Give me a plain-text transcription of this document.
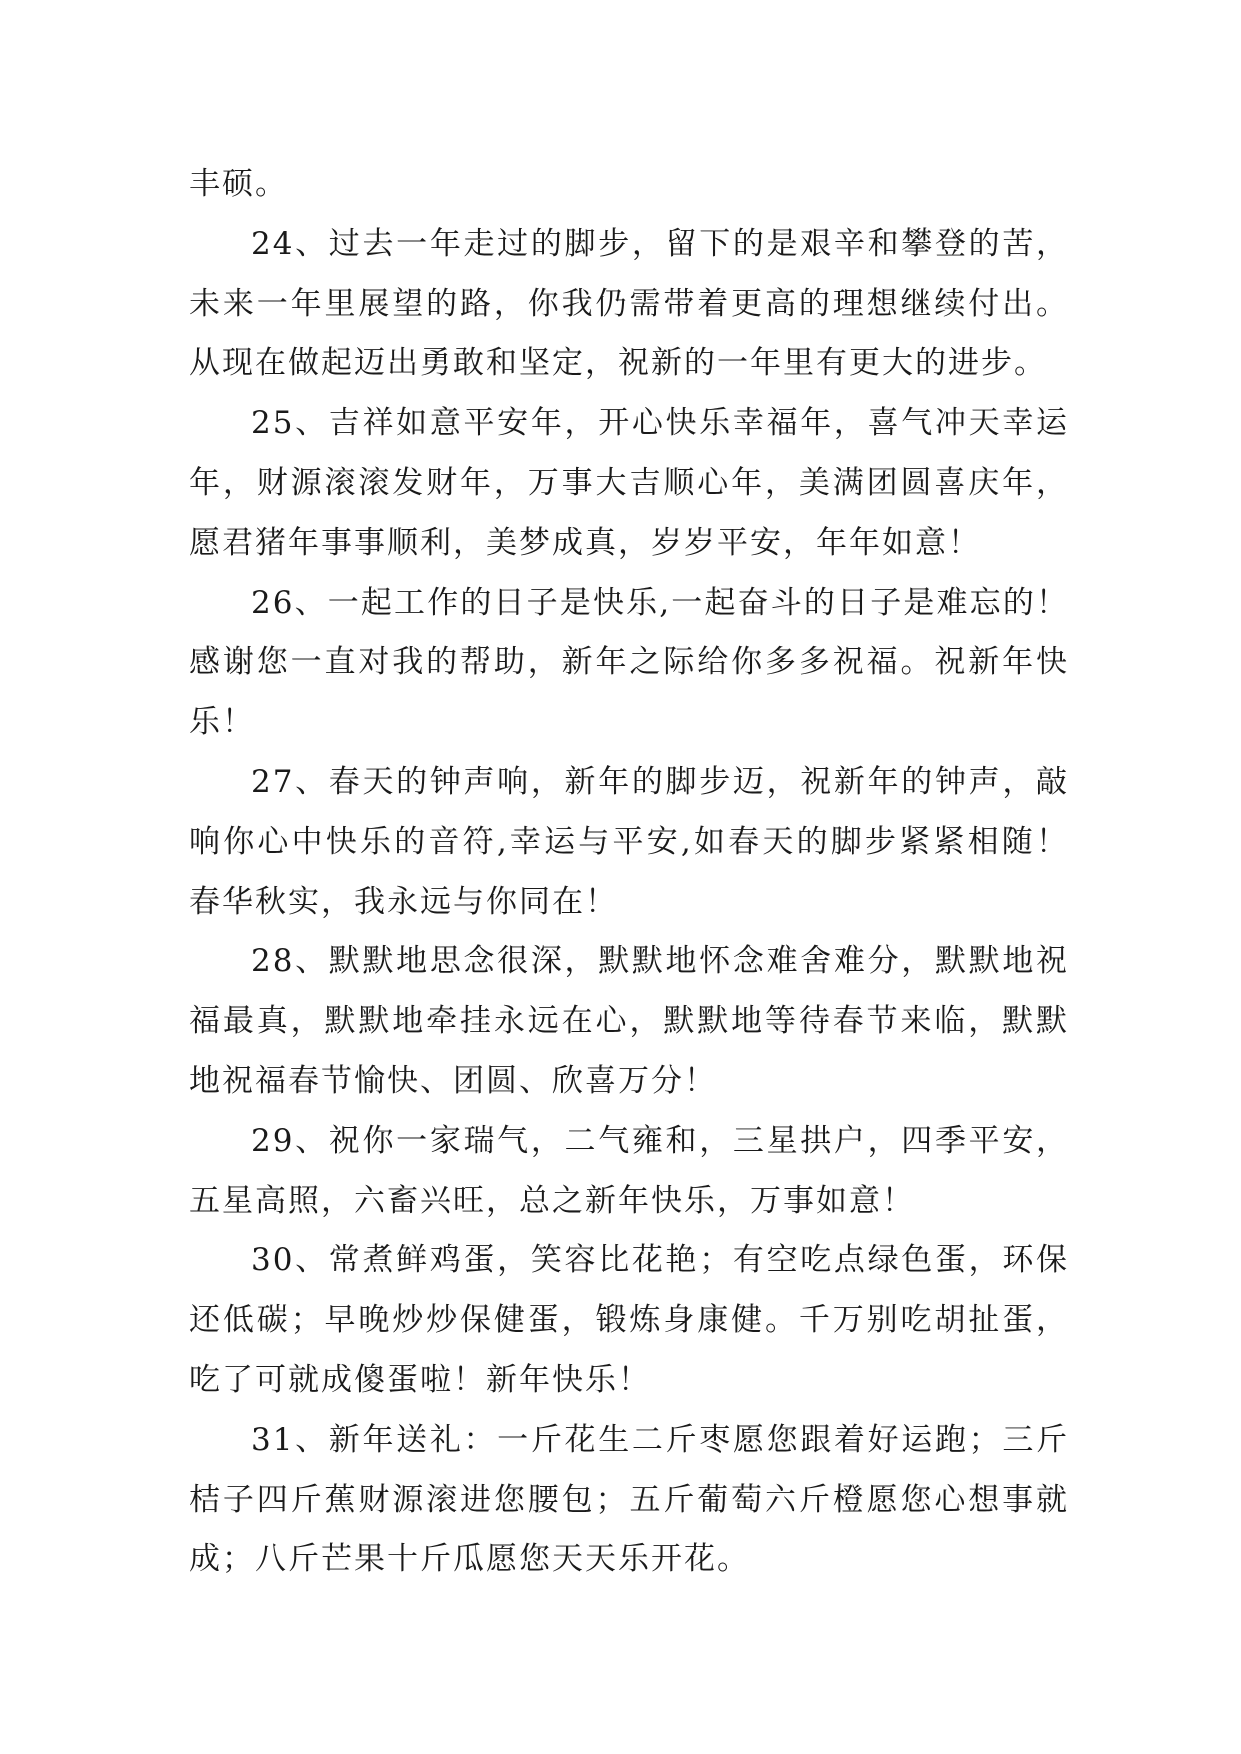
丰硕。

24、过去一年走过的脚步，留下的是艰辛和攀登的苦，未来一年里展望的路，你我仍需带着更高的理想继续付出。从现在做起迈出勇敢和坚定，祝新的一年里有更大的进步。

25、吉祥如意平安年，开心快乐幸福年，喜气冲天幸运年，财源滚滚发财年，万事大吉顺心年，美满团圆喜庆年，愿君猪年事事顺利，美梦成真，岁岁平安，年年如意！

26、一起工作的日子是快乐,一起奋斗的日子是难忘的！感谢您一直对我的帮助，新年之际给你多多祝福。祝新年快乐！

27、春天的钟声响，新年的脚步迈，祝新年的钟声，敲响你心中快乐的音符,幸运与平安,如春天的脚步紧紧相随！春华秋实，我永远与你同在！

28、默默地思念很深，默默地怀念难舍难分，默默地祝福最真，默默地牵挂永远在心，默默地等待春节来临，默默地祝福春节愉快、团圆、欣喜万分！

29、祝你一家瑞气，二气雍和，三星拱户，四季平安，五星高照，六畜兴旺，总之新年快乐，万事如意！

30、常煮鲜鸡蛋，笑容比花艳；有空吃点绿色蛋，环保还低碳；早晚炒炒保健蛋，锻炼身康健。千万别吃胡扯蛋，吃了可就成傻蛋啦！新年快乐！

31、新年送礼：一斤花生二斤枣愿您跟着好运跑；三斤桔子四斤蕉财源滚进您腰包；五斤葡萄六斤橙愿您心想事就成；八斤芒果十斤瓜愿您天天乐开花。
